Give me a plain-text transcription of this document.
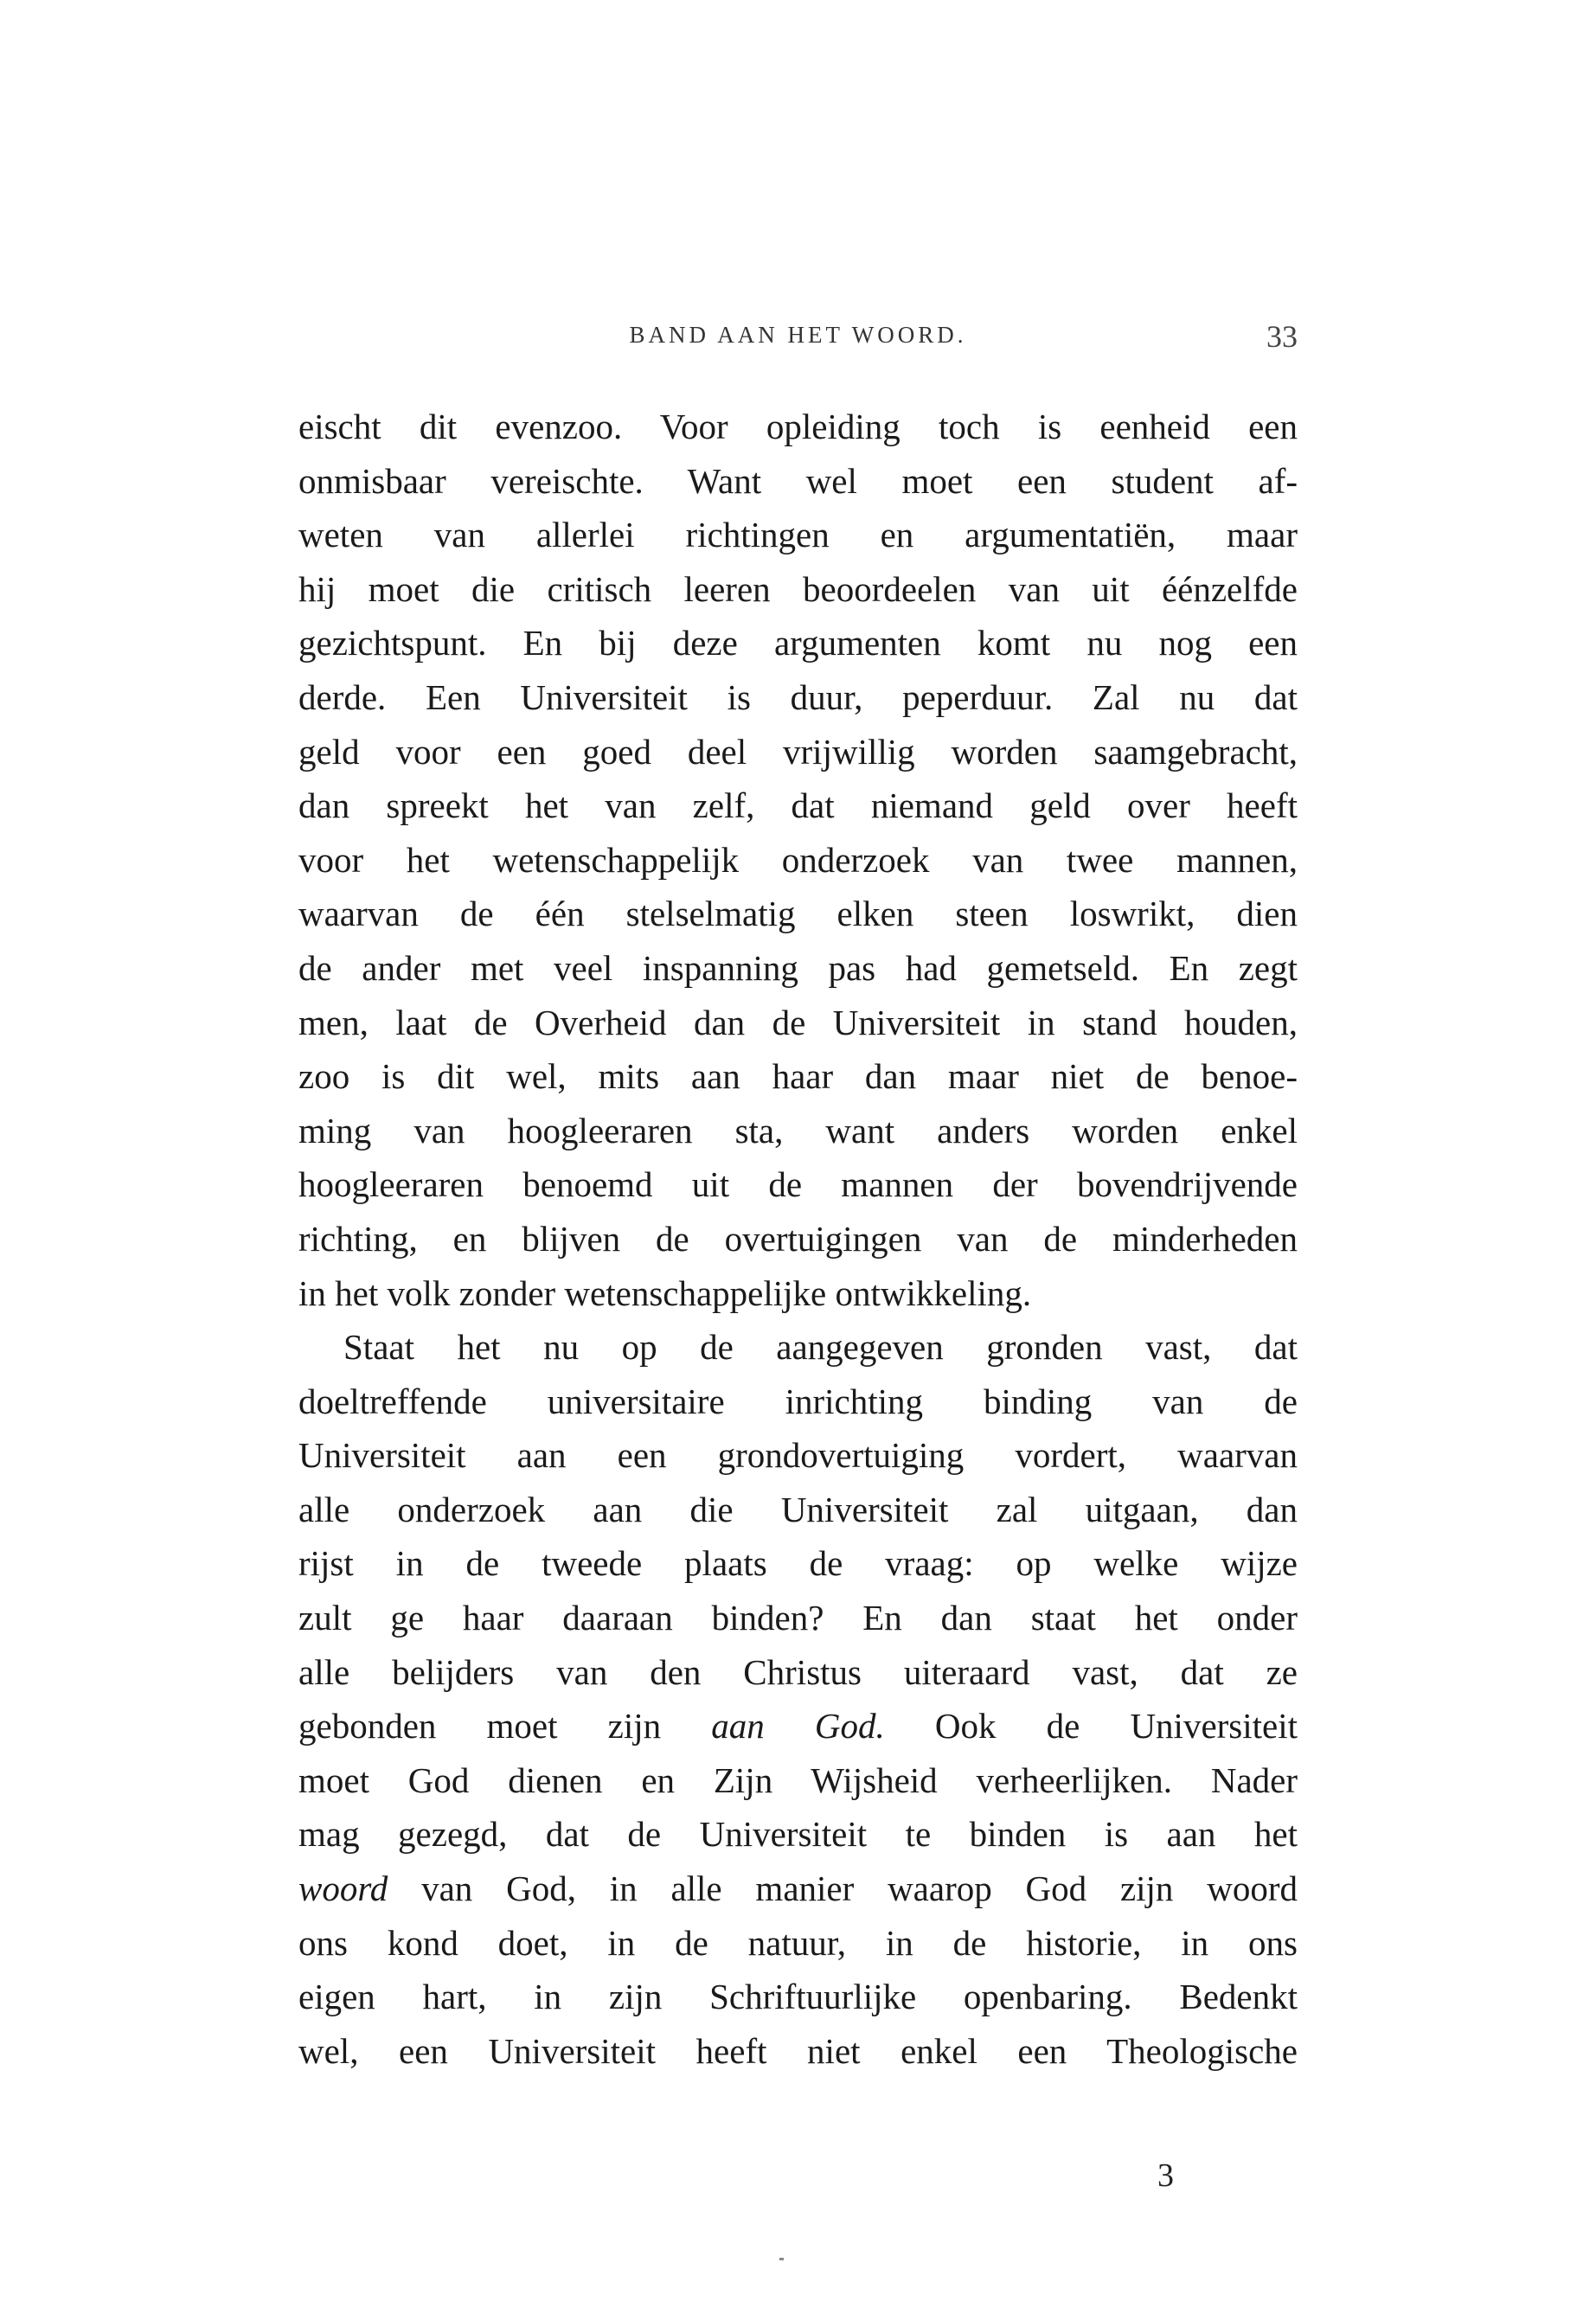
BAND AAN HET WOORD.	33
eischt dit evenzoo. Voor opleiding toch is eenheid een
onmisbaar vereischte. Want wel moet een student af-
weten van allerlei richtingen en argumentatiën, maar
hij moet die critisch leeren beoordeelen van uit éénzelfde
gezichtspunt. En bij deze argumenten komt nu nog een
derde. Een Universiteit is duur, peperduur. Zal nu dat
geld voor een goed deel vrijwillig worden saamgebracht,
dan spreekt het van zelf, dat niemand geld over heeft
voor het wetenschappelijk onderzoek van twee mannen,
waarvan de één stelselmatig elken steen loswrikt, dien
de ander met veel inspanning pas had gemetseld. En zegt
men, laat de Overheid dan de Universiteit in stand houden,
zoo is dit wel, mits aan haar dan maar niet de benoe-
ming van hoogleeraren sta, want anders worden enkel
hoogleeraren benoemd uit de mannen der bovendrijvende
richting, en blijven de overtuigingen van de minderheden
in het volk zonder wetenschappelijke ontwikkeling.
Staat het nu op de aangegeven gronden vast, dat
doeltreffende universitaire inrichting binding van de
Universiteit aan een grondovertuiging vordert, waarvan
alle onderzoek aan die Universiteit zal uitgaan, dan
rijst in de tweede plaats de vraag: op welke wijze
zult ge haar daaraan binden? En dan staat het onder
alle belijders van den Christus uiteraard vast, dat ze
gebonden moet zijn aan God. Ook de Universiteit
moet God dienen en Zijn Wijsheid verheerlijken. Nader
mag gezegd, dat de Universiteit te binden is aan het
woord van God, in alle manier waarop God zijn woord
ons kond doet, in de natuur, in de historie, in ons
eigen hart, in zijn Schriftuurlijke openbaring. Bedenkt
wel, een Universiteit heeft niet enkel een Theologische
3
